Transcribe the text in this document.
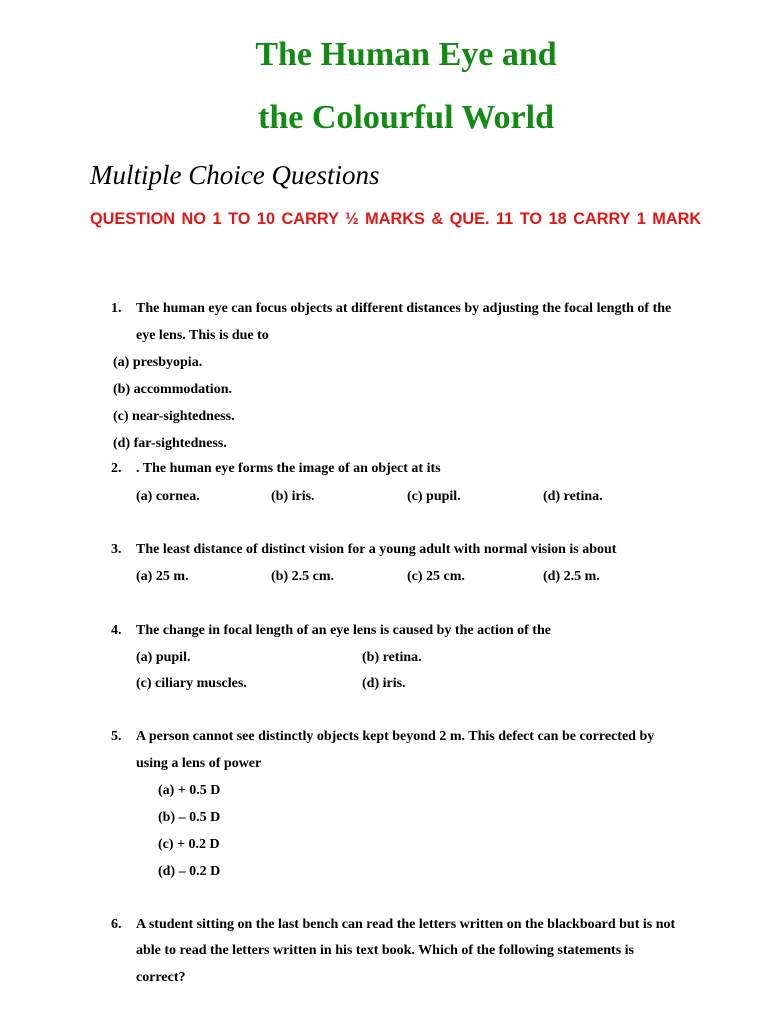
The Human Eye and
the Colourful World
Multiple Choice Questions
QUESTION NO 1 TO 10 CARRY ½ MARKS & QUE. 11 TO 18 CARRY 1 MARK
1. The human eye can focus objects at different distances by adjusting the focal length of the
eye lens. This is due to
(a) presbyopia.
(b) accommodation.
(c) near-sightedness.
(d) far-sightedness.
2. . The human eye forms the image of an object at its
(a) cornea.	(b) iris.	(c) pupil.	(d) retina.
3. The least distance of distinct vision for a young adult with normal vision is about
(a) 25 m.	(b) 2.5 cm.	(c) 25 cm.	(d) 2.5 m.
4. The change in focal length of an eye lens is caused by the action of the
(a) pupil.	(b) retina.
(c) ciliary muscles.	(d) iris.
5. A person cannot see distinctly objects kept beyond 2 m. This defect can be corrected by
using a lens of power
(a) + 0.5 D
(b) – 0.5 D
(c) + 0.2 D
(d) – 0.2 D
6. A student sitting on the last bench can read the letters written on the blackboard but is not
able to read the letters written in his text book. Which of the following statements is
correct?
